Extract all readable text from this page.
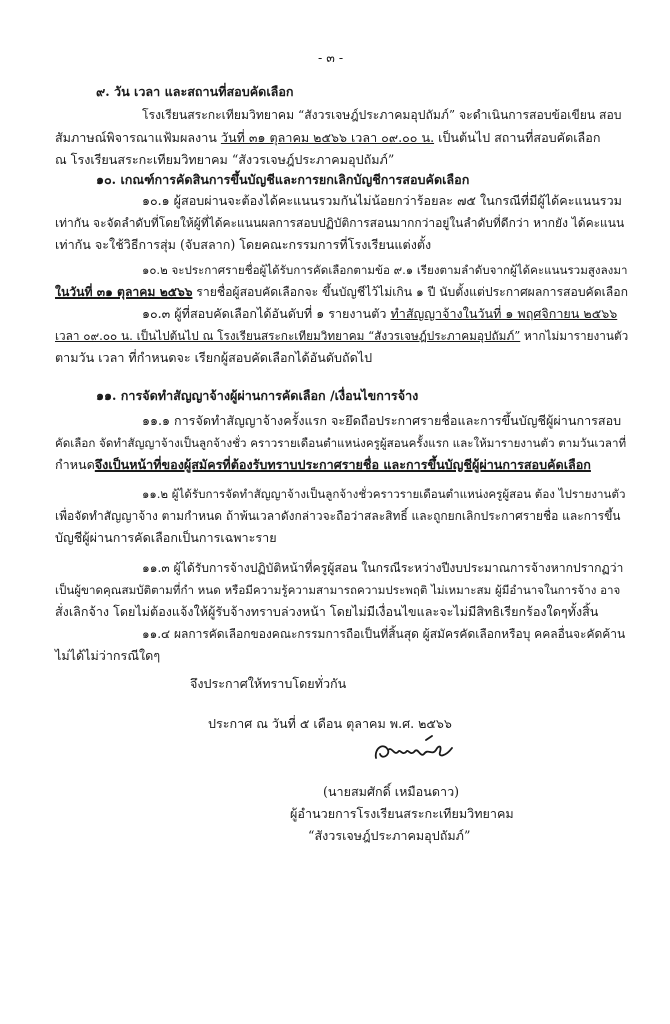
- ๓ -
๙. วัน เวลา และสถานที่สอบคัดเลือก
โรงเรียนสระกะเทียมวิทยาคม “สังวรเจษฎ์ประภาคมอุปถัมภ์” จะดำเนินการสอบข้อเขียน สอบ
สัมภาษณ์พิจารณาแฟ้มผลงาน วันที่ ๓๑ ตุลาคม ๒๕๖๖ เวลา ๐๙.๐๐ น. เป็นต้นไป สถานที่สอบคัดเลือก
ณ โรงเรียนสระกะเทียมวิทยาคม “สังวรเจษฎ์ประภาคมอุปถัมภ์”
๑๐. เกณฑ์การคัดสินการขึ้นบัญชีและการยกเลิกบัญชีการสอบคัดเลือก
๑๐.๑ ผู้สอบผ่านจะต้องได้คะแนนรวมกันไม่น้อยกว่าร้อยละ ๗๕ ในกรณีที่มีผู้ได้คะแนนรวม
เท่ากัน จะจัดลำดับที่โดยให้ผู้ที่ได้คะแนนผลการสอบปฏิบัติการสอนมากกว่าอยู่ในลำดับที่ดีกว่า หากยัง ได้คะแนน
เท่ากัน จะใช้วิธีการสุ่ม (จับสลาก) โดยคณะกรรมการที่โรงเรียนแต่งตั้ง
๑๐.๒ จะประกาศรายชื่อผู้ได้รับการคัดเลือกตามข้อ ๙.๑ เรียงตามลำดับจากผู้ได้คะแนนรวมสูงลงมา
ในวันที่ ๓๑ ตุลาคม ๒๕๖๖ รายชื่อผู้สอบคัดเลือกจะ ขึ้นบัญชีไว้ไม่เกิน ๑ ปี นับตั้งแต่ประกาศผลการสอบคัดเลือก
๑๐.๓ ผู้ที่สอบคัดเลือกได้อันดับที่ ๑ รายงานตัว ทำสัญญาจ้างในวันที่ ๑ พฤศจิกายน ๒๕๖๖
เวลา ๐๙.๐๐ น. เป็นไปต้นไป ณ โรงเรียนสระกะเทียมวิทยาคม “สังวรเจษฎ์ประภาคมอุปถัมภ์” หากไม่มารายงานตัว
ตามวัน เวลา ที่กำหนดจะ เรียกผู้สอบคัดเลือกได้อันดับถัดไป
๑๑. การจัดทำสัญญาจ้างผู้ผ่านการคัดเลือก /เงื่อนไขการจ้าง
๑๑.๑ การจัดทำสัญญาจ้างครั้งแรก จะยึดถือประกาศรายชื่อและการขึ้นบัญชีผู้ผ่านการสอบ
คัดเลือก จัดทำสัญญาจ้างเป็นลูกจ้างชั่ว คราวรายเดือนตำแหน่งครูผู้สอนครั้งแรก และให้มารายงานตัว ตามวันเวลาที่
กำหนดจึงเป็นหน้าที่ของผู้สมัครที่ต้องรับทราบประกาศรายชื่อ และการขึ้นบัญชีผู้ผ่านการสอบคัดเลือก
๑๑.๒ ผู้ได้รับการจัดทำสัญญาจ้างเป็นลูกจ้างชั่วคราวรายเดือนตำแหน่งครูผู้สอน ต้อง ไปรายงานตัว
เพื่อจัดทำสัญญาจ้าง ตามกำหนด ถ้าพ้นเวลาดังกล่าวจะถือว่าสละสิทธิ์ และถูกยกเลิกประกาศรายชื่อ และการขึ้น
บัญชีผู้ผ่านการคัดเลือกเป็นการเฉพาะราย
๑๑.๓ ผู้ได้รับการจ้างปฏิบัติหน้าที่ครูผู้สอน ในกรณีระหว่างปีงบประมาณการจ้างหากปรากฏว่า
เป็นผู้ขาดคุณสมบัติตามที่กำ หนด หรือมีความรู้ความสามารถความประพฤติ ไม่เหมาะสม ผู้มีอำนาจในการจ้าง อาจ
สั่งเลิกจ้าง โดยไม่ต้องแจ้งให้ผู้รับจ้างทราบล่วงหน้า โดยไม่มีเงื่อนไขและจะไม่มีสิทธิเรียกร้องใดๆทั้งสิ้น
๑๑.๔ ผลการคัดเลือกของคณะกรรมการถือเป็นที่สิ้นสุด ผู้สมัครคัดเลือกหรือบุ คคลอื่นจะคัดค้าน
ไม่ได้ไม่ว่ากรณีใดๆ
จึงประกาศให้ทราบโดยทั่วกัน
ประกาศ ณ วันที่ ๕ เดือน ตุลาคม พ.ศ. ๒๕๖๖
(นายสมศักดิ์ เหมือนดาว)
ผู้อำนวยการโรงเรียนสระกะเทียมวิทยาคม
“สังวรเจษฎ์ประภาคมอุปถัมภ์”
